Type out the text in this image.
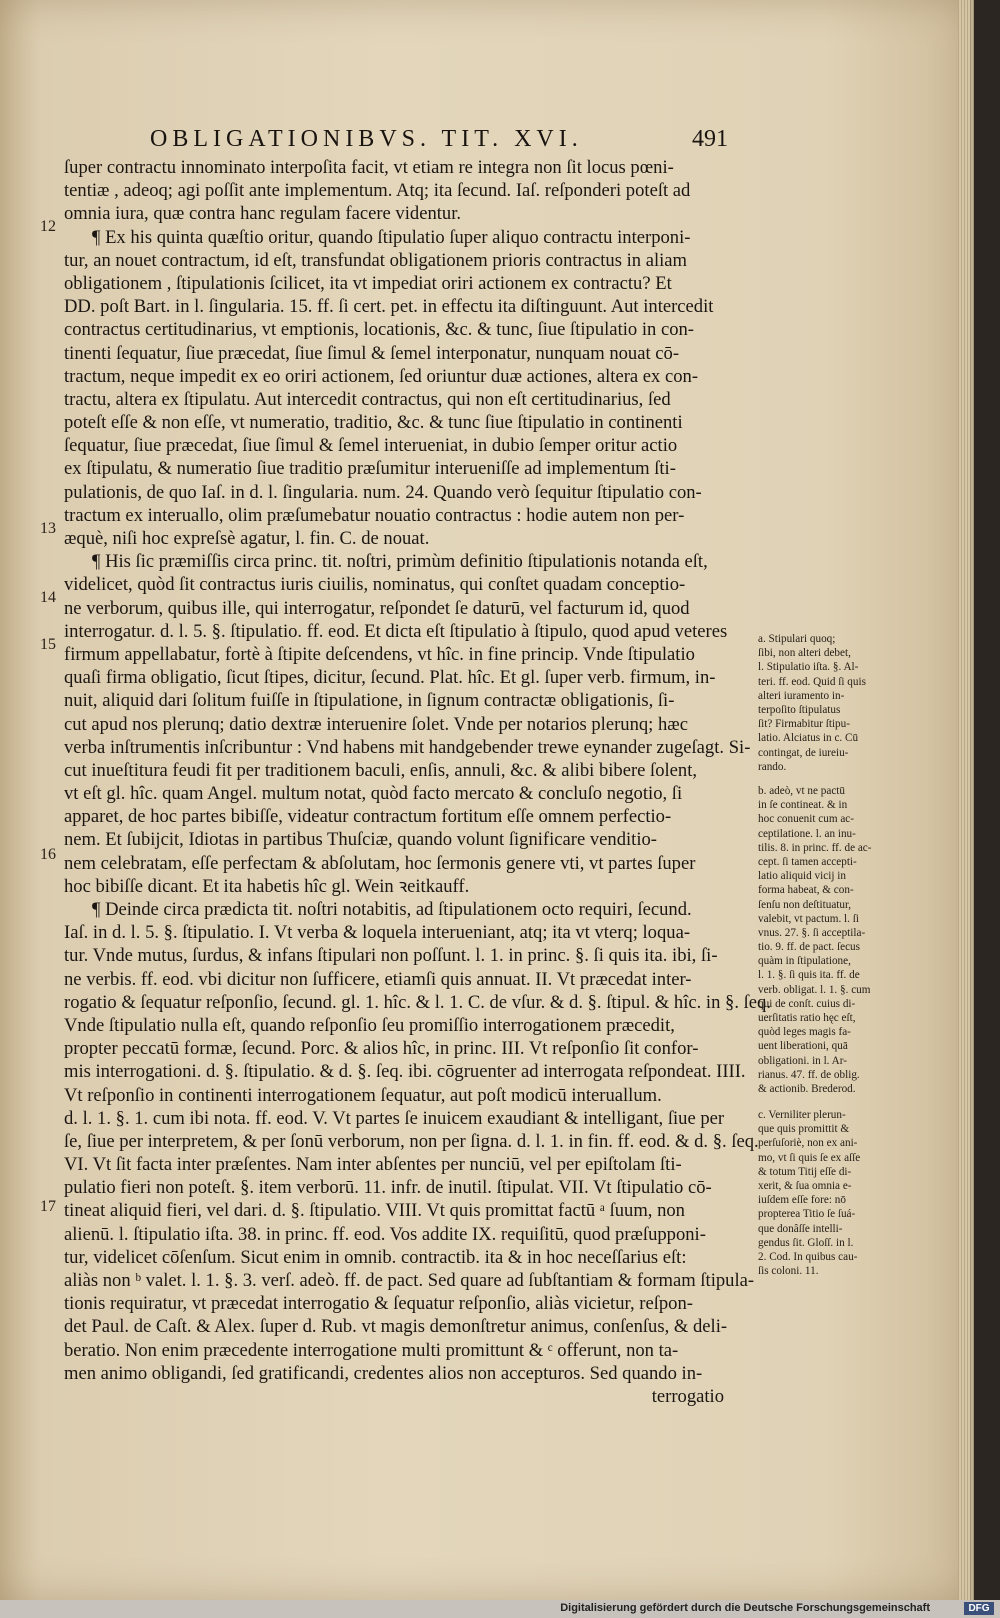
OBLIGATIONIBVS. TIT. XVI.	491
12
13
14
15
16
17
ſuper contractu innominato interpoſita facit, vt etiam re integra non ſit locus pœni-
tentiæ , adeoq; agi poſſit ante implementum. Atq; ita ſecund. Iaſ. reſponderi poteſt ad
omnia iura, quæ contra hanc regulam facere videntur.
¶ Ex his quinta quæſtio oritur, quando ſtipulatio ſuper aliquo contractu interponi-
tur, an nouet contractum, id eſt, transfundat obligationem prioris contractus in aliam
obligationem , ſtipulationis ſcilicet, ita vt impediat oriri actionem ex contractu? Et
DD. poſt Bart. in l. ſingularia. 15. ff. ſi cert. pet. in effectu ita diſtinguunt. Aut intercedit
contractus certitudinarius, vt emptionis, locationis, &c. & tunc, ſiue ſtipulatio in con-
tinenti ſequatur, ſiue præcedat, ſiue ſimul & ſemel interponatur, nunquam nouat cō-
tractum, neque impedit ex eo oriri actionem, ſed oriuntur duæ actiones, altera ex con-
tractu, altera ex ſtipulatu. Aut intercedit contractus, qui non eſt certitudinarius, ſed
poteſt eſſe & non eſſe, vt numeratio, traditio, &c. & tunc ſiue ſtipulatio in continenti
ſequatur, ſiue præcedat, ſiue ſimul & ſemel interueniat, in dubio ſemper oritur actio
ex ſtipulatu, & numeratio ſiue traditio præſumitur interueniſſe ad implementum ſti-
pulationis, de quo Iaſ. in d. l. ſingularia. num. 24. Quando verò ſequitur ſtipulatio con-
tractum ex interuallo, olim præſumebatur nouatio contractus : hodie autem non per-
æquè, niſi hoc expreſsè agatur, l. fin. C. de nouat.
¶ His ſic præmiſſis circa princ. tit. noſtri, primùm definitio ſtipulationis notanda eſt,
videlicet, quòd ſit contractus iuris ciuilis, nominatus, qui conſtet quadam conceptio-
ne verborum, quibus ille, qui interrogatur, reſpondet ſe daturū, vel facturum id, quod
interrogatur. d. l. 5. §. ſtipulatio. ff. eod. Et dicta eſt ſtipulatio à ſtipulo, quod apud veteres
firmum appellabatur, fortè à ſtipite deſcendens, vt hîc. in fine princip. Vnde ſtipulatio
quaſi firma obligatio, ſicut ſtipes, dicitur, ſecund. Plat. hîc. Et gl. ſuper verb. firmum, in-
nuit, aliquid dari ſolitum fuiſſe in ſtipulatione, in ſignum contractæ obligationis, ſi-
cut apud nos plerunq; datio dextræ interuenire ſolet. Vnde per notarios plerunq; hæc
verba inſtrumentis inſcribuntur : Vnd habens mit handgebender trewe eynander zugeſagt. Si-
cut inueſtitura feudi fit per traditionem baculi, enſis, annuli, &c. & alibi bibere ſolent,
vt eſt gl. hîc. quam Angel. multum notat, quòd facto mercato & concluſo negotio, ſi
apparet, de hoc partes bibiſſe, videatur contractum fortitum eſſe omnem perfectio-
nem. Et ſubijcit, Idiotas in partibus Thuſciæ, quando volunt ſignificare venditio-
nem celebratam, eſſe perfectam & abſolutam, hoc ſermonis genere vti, vt partes ſuper
hoc bibiſſe dicant. Et ita habetis hîc gl. Wein ꝛeitkauff.
¶ Deinde circa prædicta tit. noſtri notabitis, ad ſtipulationem octo requiri, ſecund.
Iaſ. in d. l. 5. §. ſtipulatio. I. Vt verba & loquela interueniant, atq; ita vt vterq; loqua-
tur. Vnde mutus, ſurdus, & infans ſtipulari non poſſunt. l. 1. in princ. §. ſi quis ita. ibi, ſi-
ne verbis. ff. eod. vbi dicitur non ſufficere, etiamſi quis annuat. II. Vt præcedat inter-
rogatio & ſequatur reſponſio, ſecund. gl. 1. hîc. & l. 1. C. de vſur. & d. §. ſtipul. & hîc. in §. ſeq.
Vnde ſtipulatio nulla eſt, quando reſponſio ſeu promiſſio interrogationem præcedit,
propter peccatū formæ, ſecund. Porc. & alios hîc, in princ. III. Vt reſponſio ſit confor-
mis interrogationi. d. §. ſtipulatio. & d. §. ſeq. ibi. cōgruenter ad interrogata reſpondeat. IIII.
Vt reſponſio in continenti interrogationem ſequatur, aut poſt modicū interuallum.
d. l. 1. §. 1. cum ibi nota. ff. eod. V. Vt partes ſe inuicem exaudiant & intelligant, ſiue per
ſe, ſiue per interpretem, & per ſonū verborum, non per ſigna. d. l. 1. in fin. ff. eod. & d. §. ſeq.
VI. Vt ſit facta inter præſentes. Nam inter abſentes per nunciū, vel per epiſtolam ſti-
pulatio fieri non poteſt. §. item verborū. 11. infr. de inutil. ſtipulat. VII. Vt ſtipulatio cō-
tineat aliquid fieri, vel dari. d. §. ſtipulatio. VIII. Vt quis promittat factū ᵃ ſuum, non
alienū. l. ſtipulatio iſta. 38. in princ. ff. eod. Vos addite IX. requiſitū, quod præſupponi-
tur, videlicet cōſenſum. Sicut enim in omnib. contractib. ita & in hoc neceſſarius eſt:
aliàs non ᵇ valet. l. 1. §. 3. verſ. adeò. ff. de pact. Sed quare ad ſubſtantiam & formam ſtipula-
tionis requiratur, vt præcedat interrogatio & ſequatur reſponſio, aliàs vicietur, reſpon-
det Paul. de Caſt. & Alex. ſuper d. Rub. vt magis demonſtretur animus, conſenſus, & deli-
beratio. Non enim præcedente interrogatione multi promittunt & ᶜ offerunt, non ta-
men animo obligandi, ſed gratificandi, credentes alios non accepturos. Sed quando in-
terrogatio
a. Stipulari quoq;
ſibi, non alteri debet,
l. Stipulatio iſta. §. Al-
teri. ff. eod. Quid ſi quis
alteri iuramento in-
terpoſito ſtipulatus
ſit? Firmabitur ſtipu-
latio. Alciatus in c. Cū
contingat, de iureiu-
rando.
b. adeò, vt ne pactū
in ſe contineat. & in
hoc conuenit cum ac-
ceptilatione. l. an inu-
tilis. 8. in princ. ff. de ac-
cept. ſi tamen accepti-
latio aliquid vicij in
forma habeat, & con-
ſenſu non deſtituatur,
valebit, vt pactum. l. ſi
vnus. 27. §. ſi acceptila-
tio. 9. ff. de pact. ſecus
quàm in ſtipulatione,
l. 1. §. ſi quis ita. ff. de
verb. obligat. l. 1. §. cum
qui de conſt. cuius di-
uerſitatis ratio hęc eſt,
quòd leges magis fa-
uent liberationi, quā
obligationi. in l. Ar-
rianus. 47. ff. de oblig.
& actionib. Brederod.
c. Verniliter plerun-
que quis promittit &
perſuſoriè, non ex ani-
mo, vt ſi quis ſe ex aſſe
& totum Titij eſſe di-
xerit, & ſua omnia e-
iuſdem eſſe fore: nō
propterea Titio ſe ſuá-
que donâſſe intelli-
gendus ſit. Gloſſ. in l.
2. Cod. In quibus cau-
ſis coloni. 11.
Digitalisierung gefördert durch die Deutsche Forschungsgemeinschaft	DFG
